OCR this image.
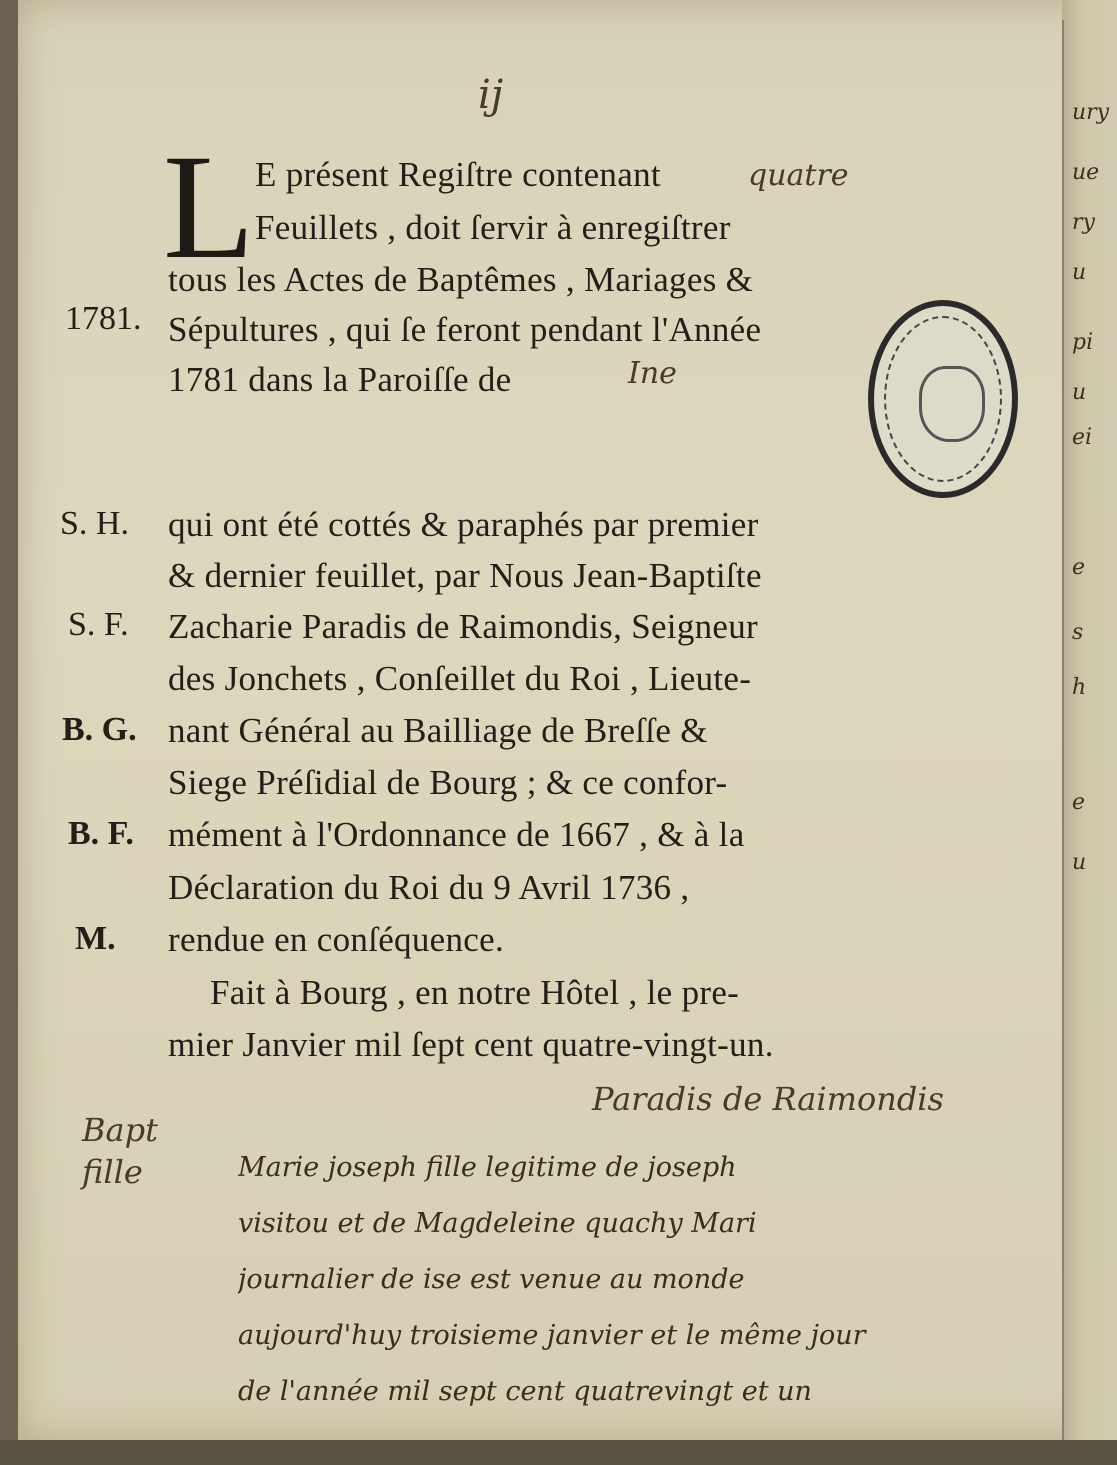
ij
L E présent Regiſtre contenant	quatre
Feuillets , doit ſervir à enregiſtrer
tous les Actes de Baptêmes , Mariages &
Sépultures , qui ſe feront pendant l'Année
1781 dans la Paroiſſe de	Ine
1781.
S. H. qui ont été cottés & paraphés par premier
& dernier feuillet, par Nous Jean-Baptiſte
S. F. Zacharie Paradis de Raimondis, Seigneur
des Jonchets , Conſeillet du Roi , Lieute-
B. G. nant Général au Bailliage de Breſſe &
Siege Préſidial de Bourg ; & ce confor-
B. F. mément à l'Ordonnance de 1667 , & à la
Déclaration du Roi du 9 Avril 1736 ,
M. rendue en conſéquence.
Fait à Bourg , en notre Hôtel , le pre-
mier Janvier mil ſept cent quatre-vingt-un.
Paradis de Raimondis
Bapt
fille	Marie joseph fille legitime de joseph
visitou et de Magdeleine quachy Mari
journalier de ise est venue au monde
aujourd'huy troisieme janvier et le même jour
de l'année mil sept cent quatrevingt et un
ury
ue
ry
u
pi
u
ei
e
s
h
e
u
